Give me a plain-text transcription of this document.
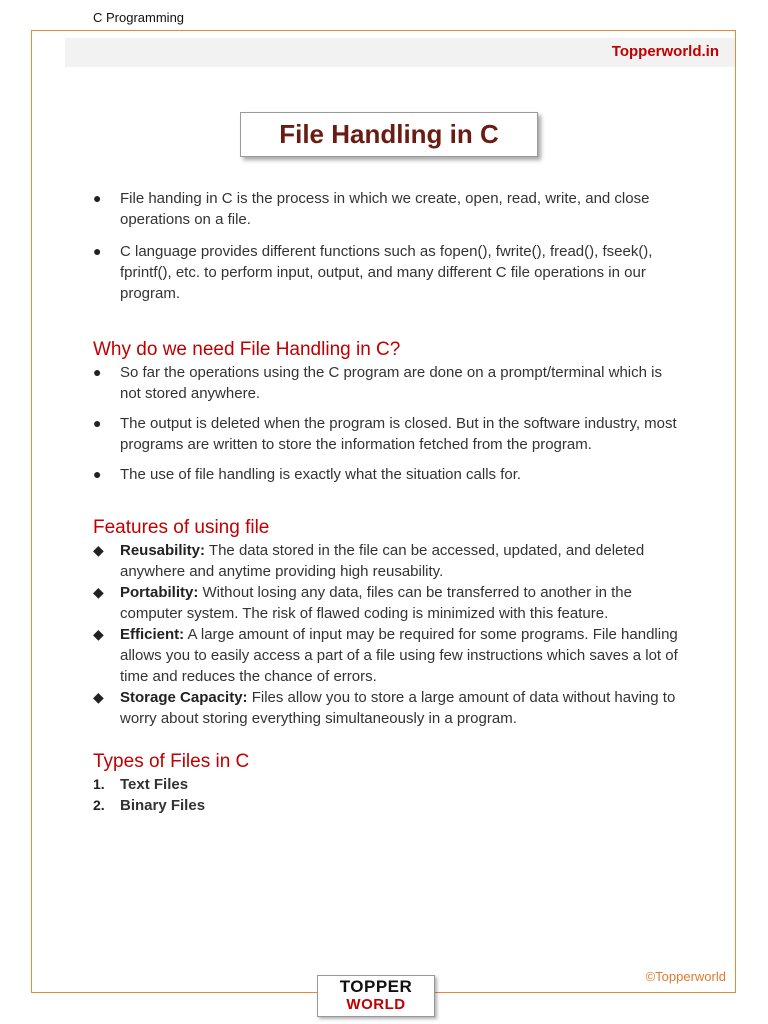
C Programming
Topperworld.in
File Handling in C
●	File handing in C is the process in which we create, open, read, write, and close operations on a file.
●	C language provides different functions such as fopen(), fwrite(), fread(), fseek(), fprintf(), etc. to perform input, output, and many different C file operations in our program.
Why do we need File Handling in C?
●	So far the operations using the C program are done on a prompt/terminal which is not stored anywhere.
●	The output is deleted when the program is closed. But in the software industry, most programs are written to store the information fetched from the program.
●	The use of file handling is exactly what the situation calls for.
Features of using file
◆	Reusability: The data stored in the file can be accessed, updated, and deleted anywhere and anytime providing high reusability.
◆	Portability: Without losing any data, files can be transferred to another in the computer system. The risk of flawed coding is minimized with this feature.
◆	Efficient: A large amount of input may be required for some programs. File handling allows you to easily access a part of a file using few instructions which saves a lot of time and reduces the chance of errors.
◆	Storage Capacity: Files allow you to store a large amount of data without having to worry about storing everything simultaneously in a program.
Types of Files in C
1.	Text Files
2.	Binary Files
©Topperworld
TOPPER
WORLD
